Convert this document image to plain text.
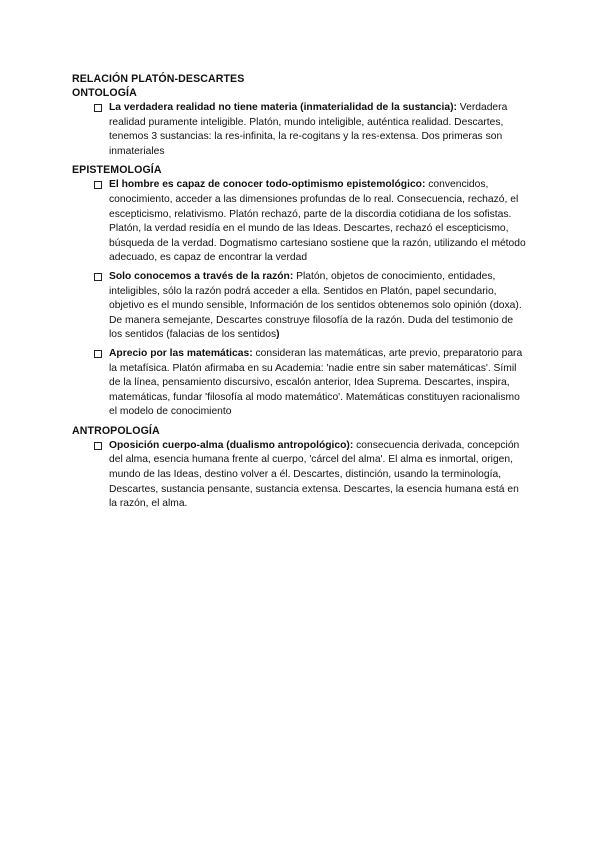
RELACIÓN PLATÓN-DESCARTES
ONTOLOGÍA
La verdadera realidad no tiene materia (inmaterialidad de la sustancia): Verdadera realidad puramente inteligible. Platón, mundo inteligible, auténtica realidad. Descartes, tenemos 3 sustancias: la res-infinita, la re-cogitans y la res-extensa. Dos primeras son inmateriales
EPISTEMOLOGÍA
El hombre es capaz de conocer todo-optimismo epistemológico: convencidos, conocimiento, acceder a las dimensiones profundas de lo real. Consecuencia, rechazó, el escepticismo, relativismo. Platón rechazó, parte de la discordia cotidiana de los sofistas. Platón, la verdad residía en el mundo de las Ideas. Descartes, rechazó el escepticismo, búsqueda de la verdad. Dogmatismo cartesiano sostiene que la razón, utilizando el método adecuado, es capaz de encontrar la verdad
Solo conocemos a través de la razón: Platón, objetos de conocimiento, entidades, inteligibles, sólo la razón podrá acceder a ella. Sentidos en Platón, papel secundario, objetivo es el mundo sensible, Información de los sentidos obtenemos solo opinión (doxa). De manera semejante, Descartes construye filosofía de la razón. Duda del testimonio de los sentidos (falacias de los sentidos)
Aprecio por las matemáticas: consideran las matemáticas, arte previo, preparatorio para la metafísica. Platón afirmaba en su Academia: 'nadie entre sin saber matemáticas'. Símil de la línea, pensamiento discursivo, escalón anterior, Idea Suprema. Descartes, inspira, matemáticas, fundar 'filosofía al modo matemático'. Matemáticas constituyen racionalismo el modelo de conocimiento
ANTROPOLOGÍA
Oposición cuerpo-alma (dualismo antropológico): consecuencia derivada, concepción del alma, esencia humana frente al cuerpo, 'cárcel del alma'. El alma es inmortal, origen, mundo de las Ideas, destino volver a él. Descartes, distinción, usando la terminología, Descartes, sustancia pensante, sustancia extensa. Descartes, la esencia humana está en la razón, el alma.
